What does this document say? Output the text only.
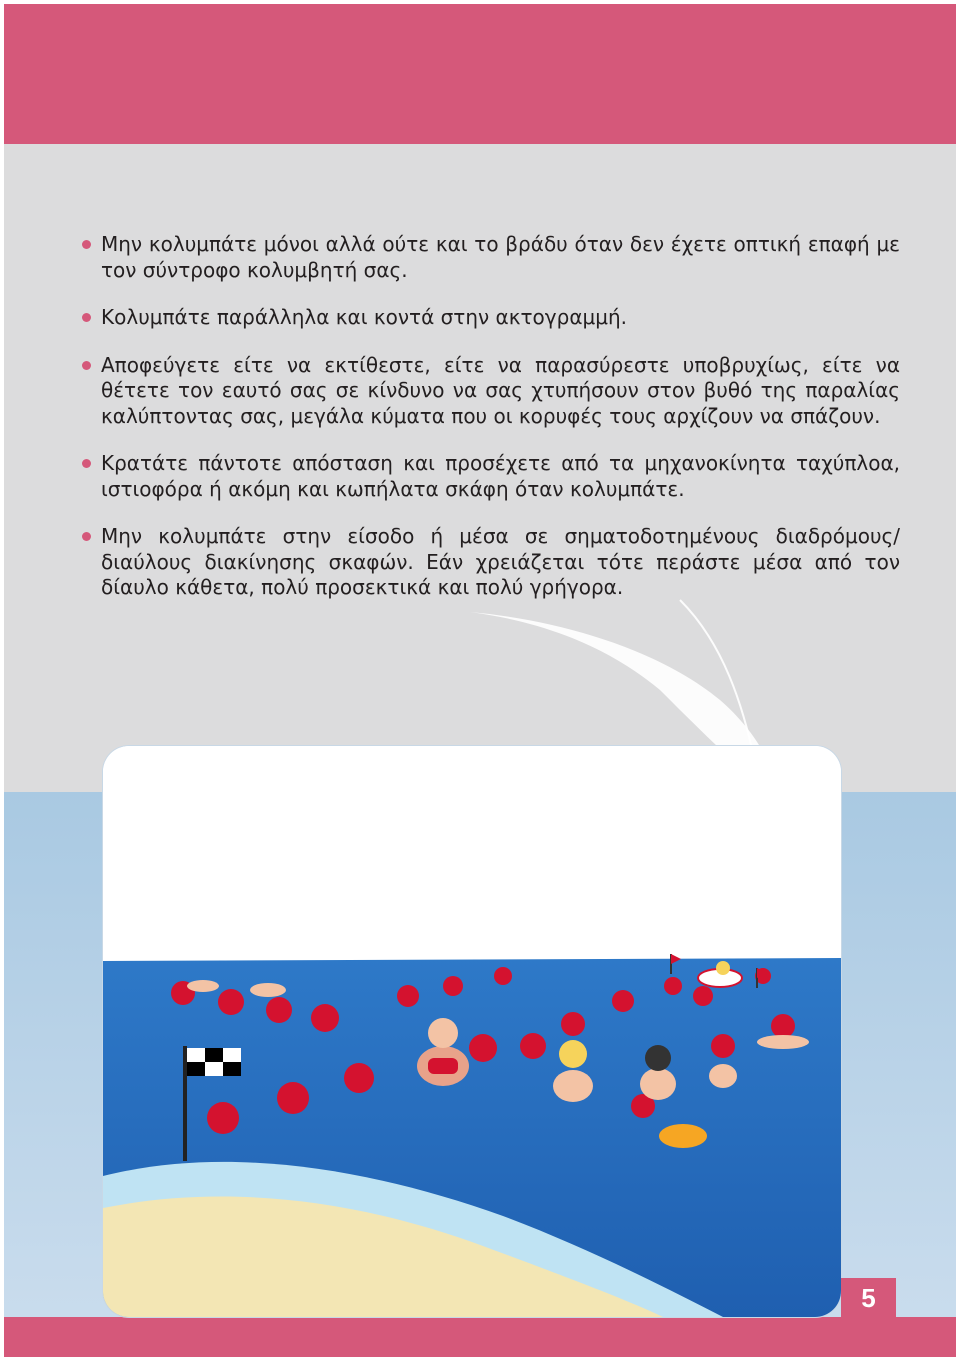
Μην κολυμπάτε μόνοι αλλά ούτε και το βράδυ όταν δεν έχετε οπτική επαφή με τον σύντροφο κολυμβητή σας.
Κολυμπάτε παράλληλα και κοντά στην ακτογραμμή.
Αποφεύγετε είτε να εκτίθεστε, είτε να παρασύρεστε υποβρυχίως, είτε να θέτετε τον εαυτό σας σε κίνδυνο να σας χτυπήσουν στον βυθό της παραλίας καλύπτοντας σας, μεγάλα κύματα που οι κορυφές τους αρχίζουν να σπάζουν.
Κρατάτε πάντοτε απόσταση και προσέχετε από τα μηχανοκίνητα ταχύπλοα, ιστιοφόρα ή ακόμη και κωπήλατα σκάφη όταν κολυμπάτε.
Μην κολυμπάτε στην είσοδο ή μέσα σε σηματοδοτημένους διαδρόμους/διαύλους διακίνησης σκαφών. Εάν χρειάζεται τότε περάστε μέσα από τον δίαυλο κάθετα, πολύ προσεκτικά και πολύ γρήγορα.
5
